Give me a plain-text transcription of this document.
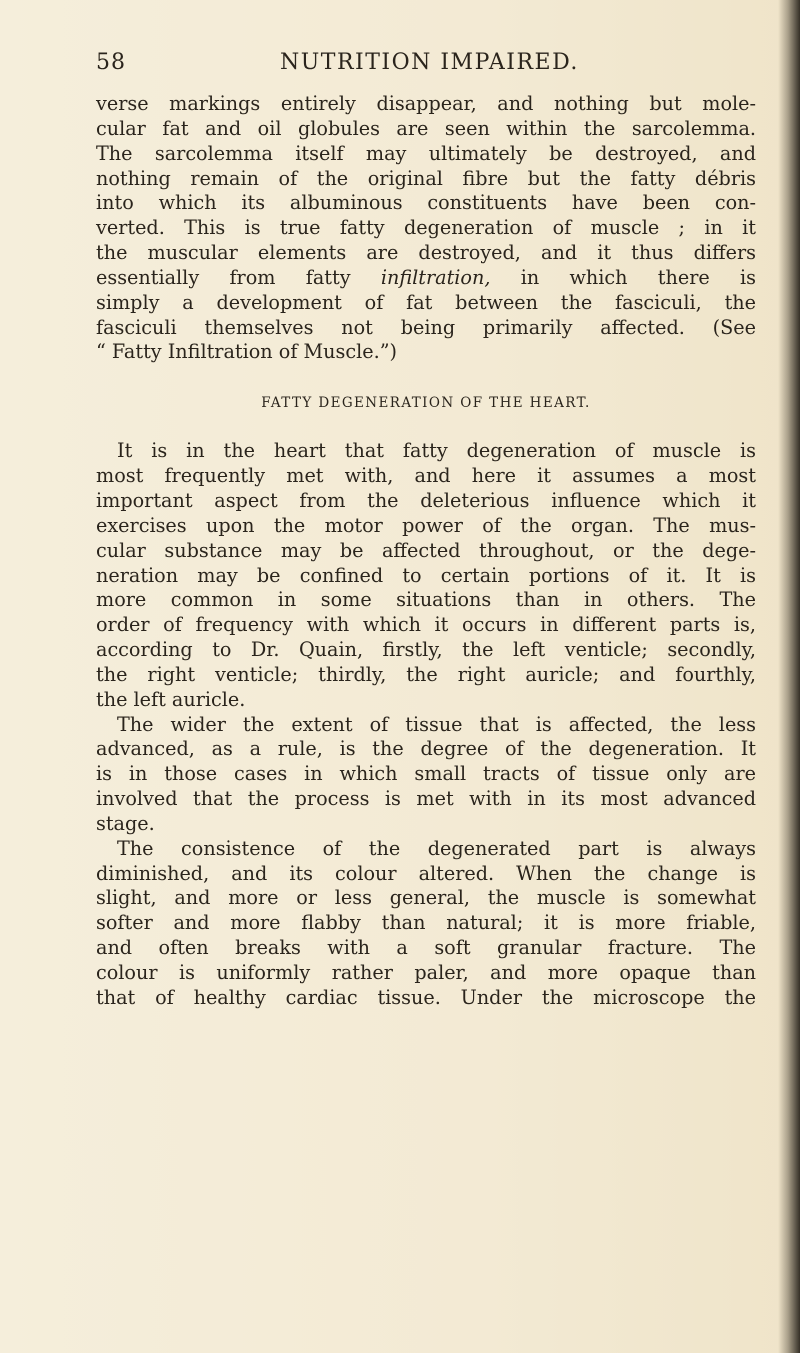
58	NUTRITION IMPAIRED.
verse markings entirely disappear, and nothing but mole-
cular fat and oil globules are seen within the sarcolemma.
The sarcolemma itself may ultimately be destroyed, and
nothing remain of the original fibre but the fatty débris
into which its albuminous constituents have been con-
verted. This is true fatty degeneration of muscle ; in it
the muscular elements are destroyed, and it thus differs
essentially from fatty infiltration, in which there is
simply a development of fat between the fasciculi, the
fasciculi themselves not being primarily affected. (See
“ Fatty Infiltration of Muscle.”)
FATTY DEGENERATION OF THE HEART.
It is in the heart that fatty degeneration of muscle is
most frequently met with, and here it assumes a most
important aspect from the deleterious influence which it
exercises upon the motor power of the organ. The mus-
cular substance may be affected throughout, or the dege-
neration may be confined to certain portions of it. It is
more common in some situations than in others. The
order of frequency with which it occurs in different parts is,
according to Dr. Quain, firstly, the left venticle; secondly,
the right venticle; thirdly, the right auricle; and fourthly,
the left auricle.
The wider the extent of tissue that is affected, the less
advanced, as a rule, is the degree of the degeneration. It
is in those cases in which small tracts of tissue only are
involved that the process is met with in its most advanced
stage.
The consistence of the degenerated part is always
diminished, and its colour altered. When the change is
slight, and more or less general, the muscle is somewhat
softer and more flabby than natural; it is more friable,
and often breaks with a soft granular fracture. The
colour is uniformly rather paler, and more opaque than
that of healthy cardiac tissue. Under the microscope the
